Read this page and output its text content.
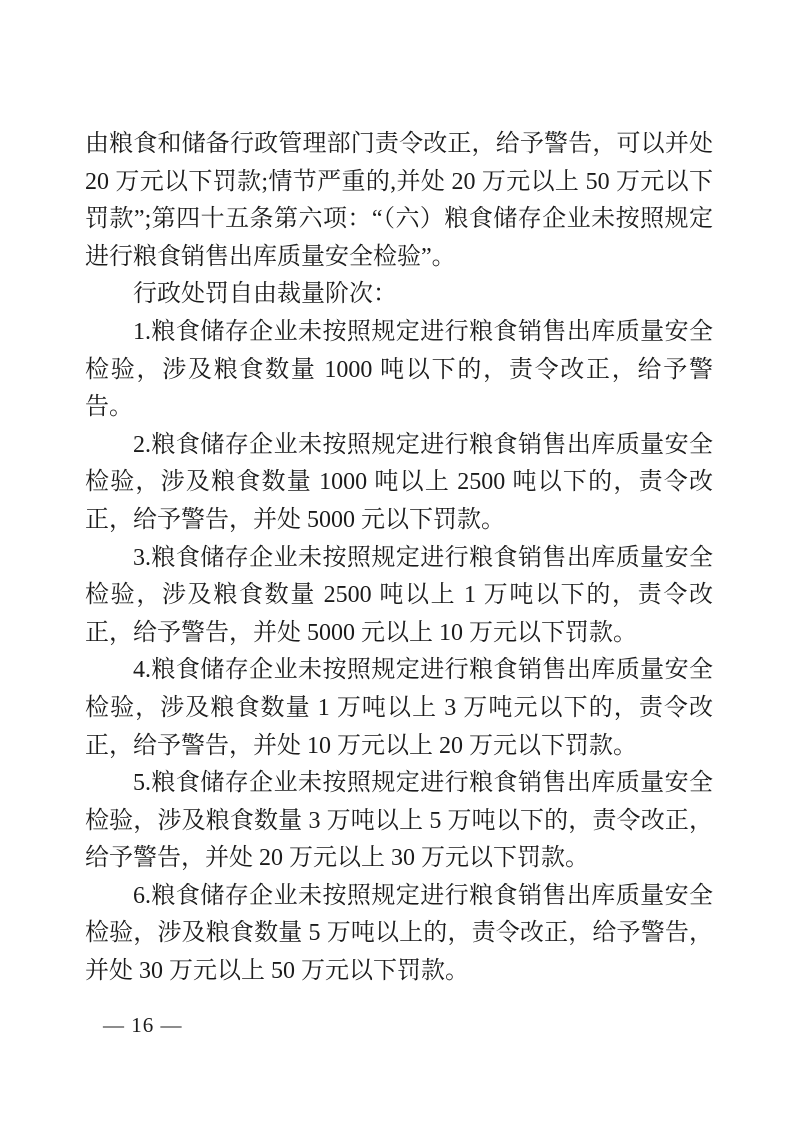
由粮食和储备行政管理部门责令改正，给予警告，可以并处 20 万元以下罚款;情节严重的,并处 20 万元以上 50 万元以下罚款”;第四十五条第六项：“（六）粮食储存企业未按照规定进行粮食销售出库质量安全检验”。

行政处罚自由裁量阶次：

1.粮食储存企业未按照规定进行粮食销售出库质量安全检验，涉及粮食数量 1000 吨以下的，责令改正，给予警告。

2.粮食储存企业未按照规定进行粮食销售出库质量安全检验，涉及粮食数量 1000 吨以上 2500 吨以下的，责令改正，给予警告，并处 5000 元以下罚款。

3.粮食储存企业未按照规定进行粮食销售出库质量安全检验，涉及粮食数量 2500 吨以上 1 万吨以下的，责令改正，给予警告，并处 5000 元以上 10 万元以下罚款。

4.粮食储存企业未按照规定进行粮食销售出库质量安全检验，涉及粮食数量 1 万吨以上 3 万吨元以下的，责令改正，给予警告，并处 10 万元以上 20 万元以下罚款。

5.粮食储存企业未按照规定进行粮食销售出库质量安全检验，涉及粮食数量 3 万吨以上 5 万吨以下的，责令改正，给予警告，并处 20 万元以上 30 万元以下罚款。

6.粮食储存企业未按照规定进行粮食销售出库质量安全检验，涉及粮食数量 5 万吨以上的，责令改正，给予警告，并处 30 万元以上 50 万元以下罚款。

— 16 —
